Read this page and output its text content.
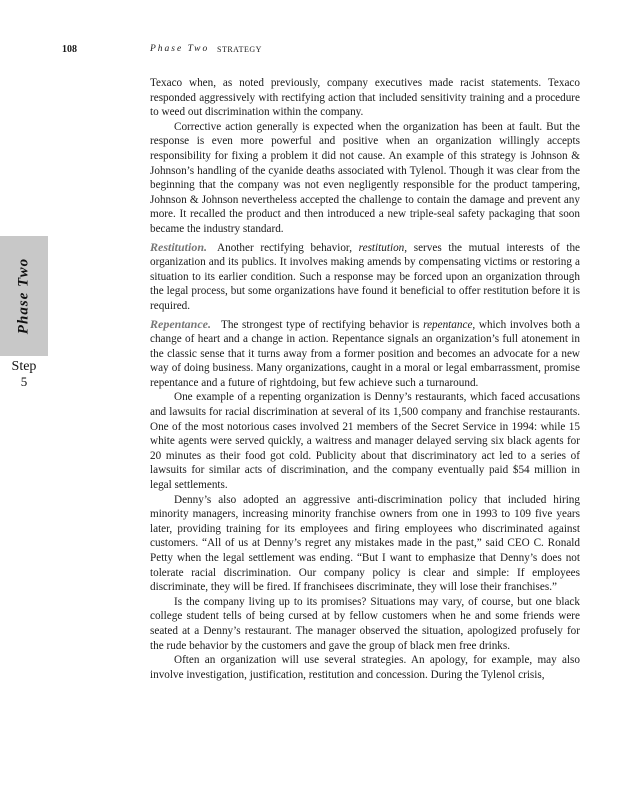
108	Phase Two STRATEGY
Phase Two
Step
5

Texaco when, as noted previously, company executives made racist statements. Texaco responded aggressively with rectifying action that included sensitivity training and a procedure to weed out discrimination within the company.

Corrective action generally is expected when the organization has been at fault. But the response is even more powerful and positive when an organization willingly accepts responsibility for fixing a problem it did not cause. An example of this strategy is Johnson & Johnson’s handling of the cyanide deaths associated with Tylenol. Though it was clear from the beginning that the company was not even negligently responsible for the product tampering, Johnson & Johnson nevertheless accepted the challenge to contain the damage and prevent any more. It recalled the product and then introduced a new triple-seal safety packaging that soon became the industry standard.

Restitution. Another rectifying behavior, restitution, serves the mutual interests of the organization and its publics. It involves making amends by compensating victims or restoring a situation to its earlier condition. Such a response may be forced upon an organization through the legal process, but some organizations have found it beneficial to offer restitution before it is required.

Repentance. The strongest type of rectifying behavior is repentance, which involves both a change of heart and a change in action. Repentance signals an organization’s full atonement in the classic sense that it turns away from a former position and becomes an advocate for a new way of doing business. Many organizations, caught in a moral or legal embarrassment, promise repentance and a future of rightdoing, but few achieve such a turnaround.

One example of a repenting organization is Denny’s restaurants, which faced accusations and lawsuits for racial discrimination at several of its 1,500 company and franchise restaurants. One of the most notorious cases involved 21 members of the Secret Service in 1994: while 15 white agents were served quickly, a waitress and manager delayed serving six black agents for 20 minutes as their food got cold. Publicity about that discriminatory act led to a series of lawsuits for similar acts of discrimination, and the company eventually paid $54 million in legal settlements.

Denny’s also adopted an aggressive anti-discrimination policy that included hiring minority managers, increasing minority franchise owners from one in 1993 to 109 five years later, providing training for its employees and firing employees who discriminated against customers. “All of us at Denny’s regret any mistakes made in the past,” said CEO C. Ronald Petty when the legal settlement was ending. “But I want to emphasize that Denny’s does not tolerate racial discrimination. Our company policy is clear and simple: If employees discriminate, they will be fired. If franchisees discriminate, they will lose their franchises.”

Is the company living up to its promises? Situations may vary, of course, but one black college student tells of being cursed at by fellow customers when he and some friends were seated at a Denny’s restaurant. The manager observed the situation, apologized profusely for the rude behavior by the customers and gave the group of black men free drinks.

Often an organization will use several strategies. An apology, for example, may also involve investigation, justification, restitution and concession. During the Tylenol crisis,
